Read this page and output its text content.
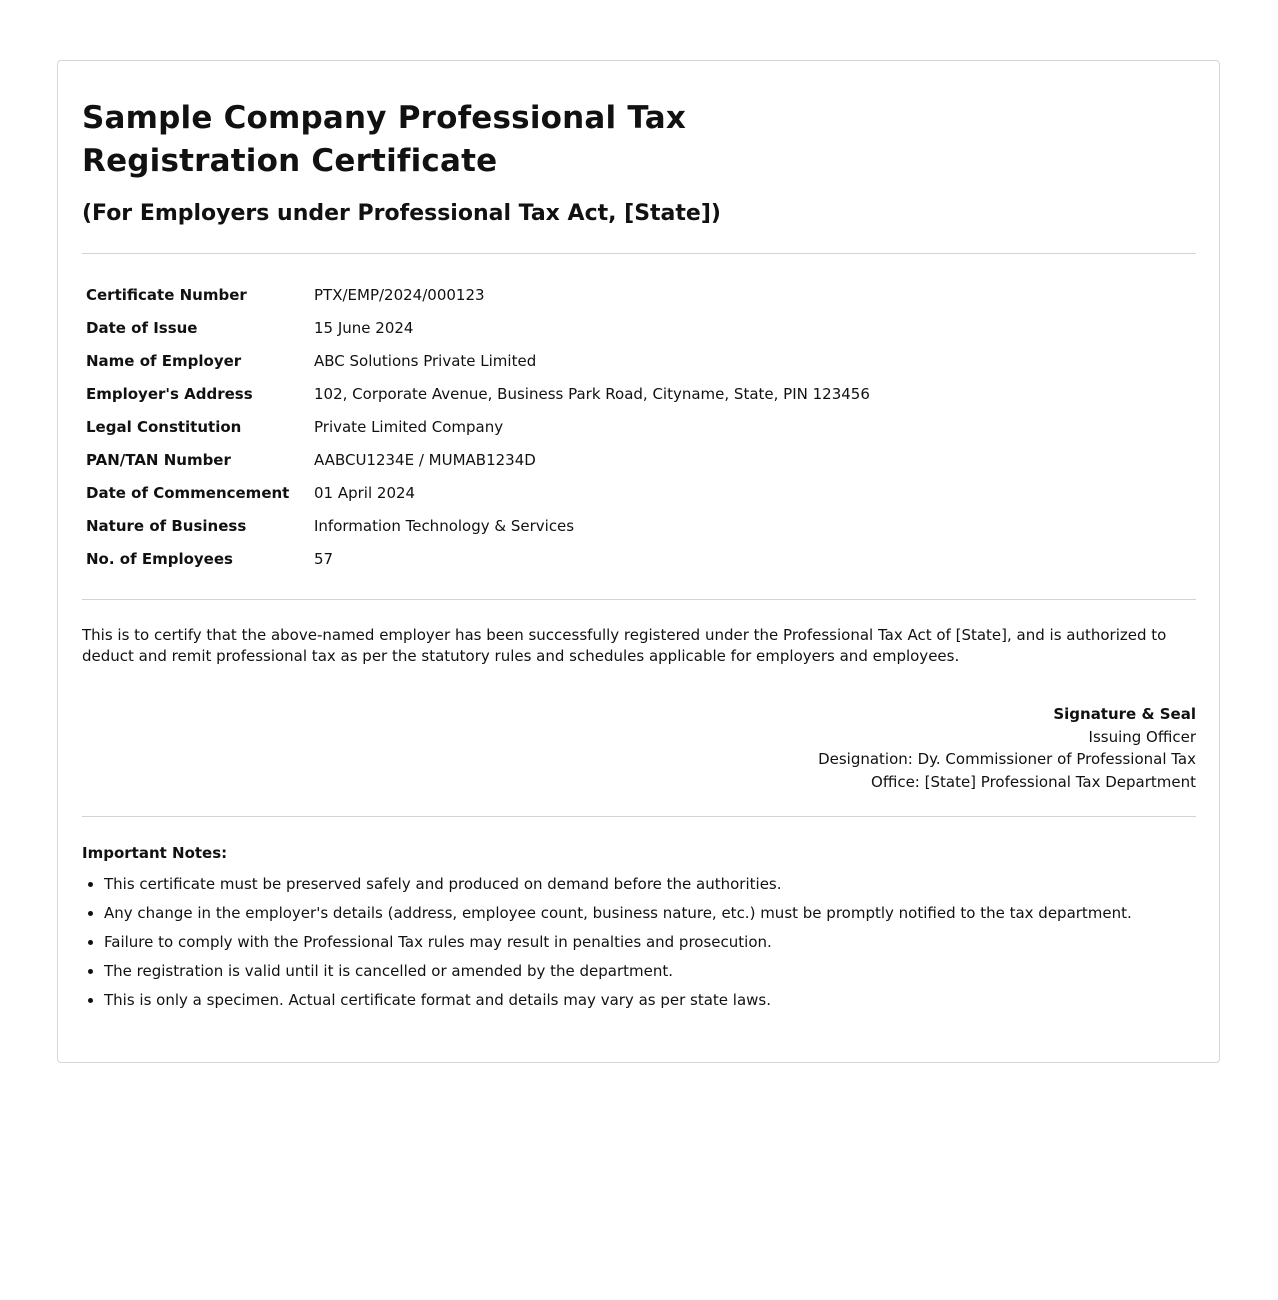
Sample Company Professional Tax Registration Certificate
(For Employers under Professional Tax Act, [State])
Certificate Number	PTX/EMP/2024/000123
Date of Issue	15 June 2024
Name of Employer	ABC Solutions Private Limited
Employer's Address	102, Corporate Avenue, Business Park Road, Cityname, State, PIN 123456
Legal Constitution	Private Limited Company
PAN/TAN Number	AABCU1234E / MUMAB1234D
Date of Commencement	01 April 2024
Nature of Business	Information Technology & Services
No. of Employees	57

This is to certify that the above-named employer has been successfully registered under the Professional Tax Act of [State], and is authorized to deduct and remit professional tax as per the statutory rules and schedules applicable for employers and employees.

Signature & Seal
Issuing Officer
Designation: Dy. Commissioner of Professional Tax
Office: [State] Professional Tax Department
Important Notes:
• This certificate must be preserved safely and produced on demand before the authorities.
• Any change in the employer's details (address, employee count, business nature, etc.) must be promptly notified to the tax department.
• Failure to comply with the Professional Tax rules may result in penalties and prosecution.
• The registration is valid until it is cancelled or amended by the department.
• This is only a specimen. Actual certificate format and details may vary as per state laws.
